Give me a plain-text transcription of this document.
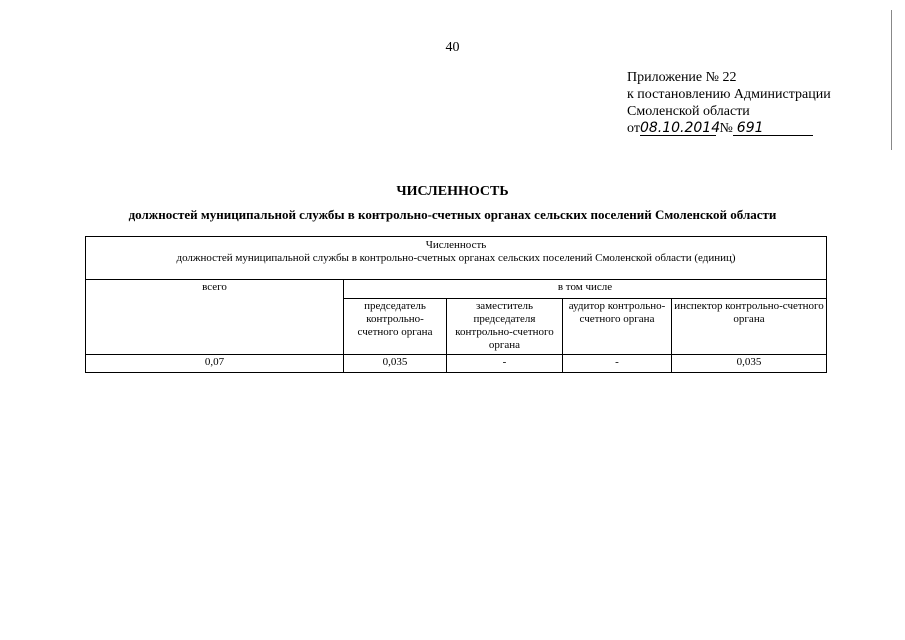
40
Приложение № 22
к постановлению Администрации
Смоленской области
от08.10.2014 № 691
ЧИСЛЕННОСТЬ
должностей муниципальной службы в контрольно-счетных органах сельских поселений Смоленской области
Численность
должностей муниципальной службы в контрольно-счетных органах сельских поселений Смоленской области (единиц)				

всего	в том числе			
	председатель контрольно-счетного органа	заместитель председателя контрольно-счетного органа	аудитор контрольно-счетного органа	инспектор контрольно-счетного органа
0,07	0,035	-	-	0,035
